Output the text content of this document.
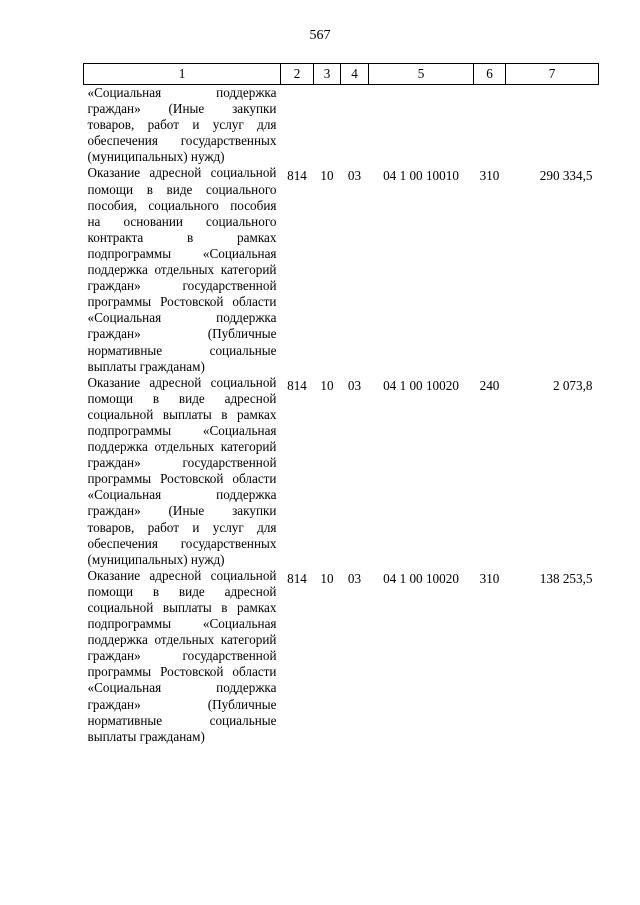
567
1	2	3	4	5	6	7
«Социальная поддержка граждан» (Иные закупки товаров, работ и услуг для обеспечения государственных (муниципальных) нужд)						
Оказание адресной социальной помощи в виде социального пособия, социального пособия на основании социального контракта в рамках подпрограммы «Социальная поддержка отдельных категорий граждан» государственной программы Ростовской области «Социальная поддержка граждан» (Публичные нормативные социальные выплаты гражданам)	814	10	03	04 1 00 10010	310	290 334,5
Оказание адресной социальной помощи в виде адресной социальной выплаты в рамках подпрограммы «Социальная поддержка отдельных категорий граждан» государственной программы Ростовской области «Социальная поддержка граждан» (Иные закупки товаров, работ и услуг для обеспечения государственных (муниципальных) нужд)	814	10	03	04 1 00 10020	240	2 073,8
Оказание адресной социальной помощи в виде адресной социальной выплаты в рамках подпрограммы «Социальная поддержка отдельных категорий граждан» государственной программы Ростовской области «Социальная поддержка граждан» (Публичные нормативные социальные выплаты гражданам)	814	10	03	04 1 00 10020	310	138 253,5
